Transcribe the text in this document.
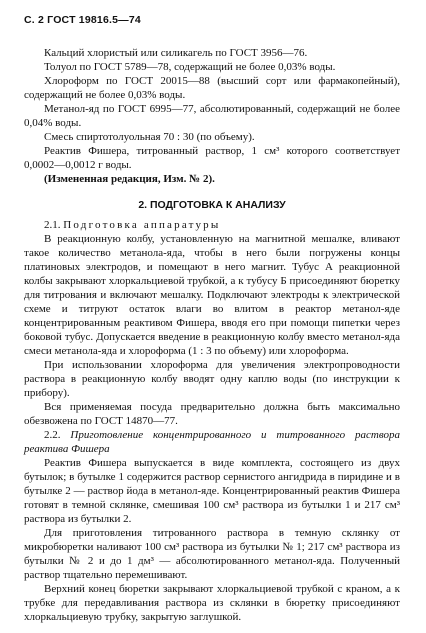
С. 2 ГОСТ 19816.5—74

Кальций хлористый или силикагель по ГОСТ 3956—76.

Толуол по ГОСТ 5789—78, содержащий не более 0,03% воды.

Хлороформ по ГОСТ 20015—88 (высший сорт или фармакопейный), содержащий не более 0,03% воды.

Метанол-яд по ГОСТ 6995—77, абсолютированный, содержащий не более 0,04% воды.

Смесь спиртотолуольная 70 : 30 (по объему).

Реактив Фишера, титрованный раствор, 1 см³ которого соответствует 0,0002—0,0012 г воды.

(Измененная редакция, Изм. № 2).

2. ПОДГОТОВКА К АНАЛИЗУ

2.1. Подготовка аппаратуры

В реакционную колбу, установленную на магнитной мешалке, вливают такое количество метанола-яда, чтобы в него были погружены концы платиновых электродов, и помещают в него магнит. Тубус А реакционной колбы закрывают хлоркальциевой трубкой, а к тубусу Б присоединяют бюретку для титрования и включают мешалку. Подключают электроды к электрической схеме и титруют остаток влаги во влитом в реактор метанол-яде концентрированным реактивом Фишера, вводя его при помощи пипетки через боковой тубус. Допускается введение в реакционную колбу вместо метанол-яда смеси метанола-яда и хлороформа (1 : 3 по объему) или хлороформа.

При использовании хлороформа для увеличения электропроводности раствора в реакционную колбу вводят одну каплю воды (по инструкции к прибору).

Вся применяемая посуда предварительно должна быть максимально обезвожена по ГОСТ 14870—77.

2.2. Приготовление концентрированного и титрованного раствора реактива Фишера

Реактив Фишера выпускается в виде комплекта, состоящего из двух бутылок; в бутылке 1 содержится раствор сернистого ангидрида в пиридине и в бутылке 2 — раствор йода в метанол-яде. Концентрированный реактив Фишера готовят в темной склянке, смешивая 100 см³ раствора из бутылки 1 и 217 см³ раствора из бутылки 2.

Для приготовления титрованного раствора в темную склянку от микробюретки наливают 100 см³ раствора из бутылки № 1; 217 см³ раствора из бутылки № 2 и до 1 дм³ — абсолютированного метанол-яда. Полученный раствор тщательно перемешивают.

Верхний конец бюретки закрывают хлоркальциевой трубкой с краном, а к трубке для передавливания раствора из склянки в бюретку присоединяют хлоркальциевую трубку, закрытую заглушкой.
